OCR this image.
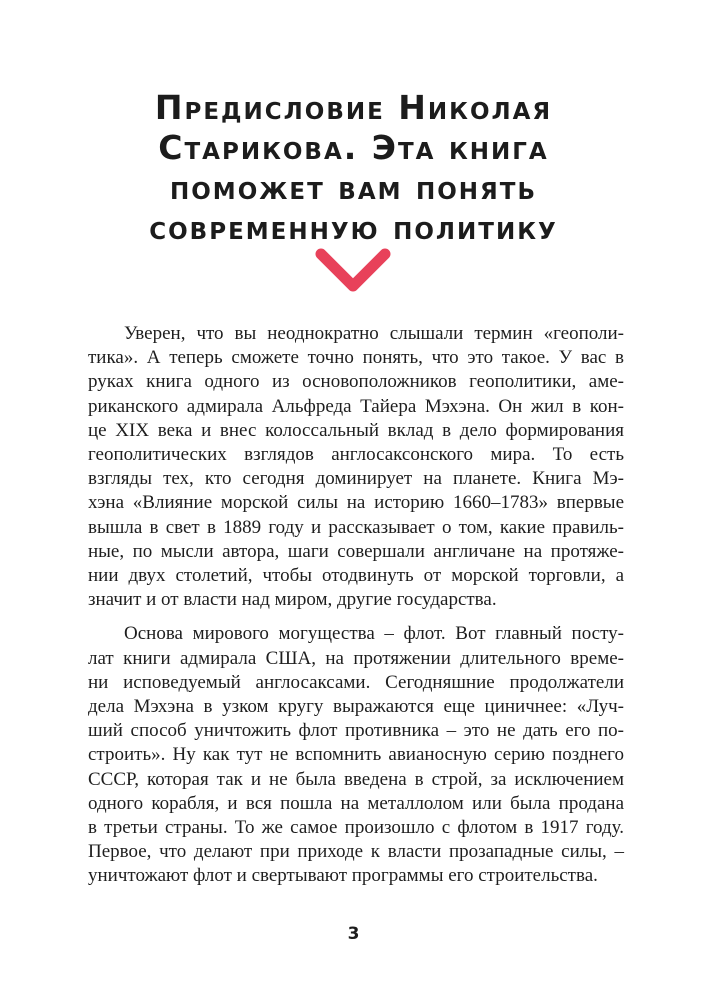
Предисловие Николая
Старикова. Эта книга
поможет вам понять
современную политику

Уверен, что вы неоднократно слышали термин «геополи-
тика». А теперь сможете точно понять, что это такое. У вас в
руках книга одного из основоположников геополитики, аме-
риканского адмирала Альфреда Тайера Мэхэна. Он жил в кон-
це XIX века и внес колоссальный вклад в дело формирования
геополитических взглядов англосаксонского мира. То есть
взгляды тех, кто сегодня доминирует на планете. Книга Мэ-
хэна «Влияние морской силы на историю 1660–1783» впервые
вышла в свет в 1889 году и рассказывает о том, какие правиль-
ные, по мысли автора, шаги совершали англичане на протяже-
нии двух столетий, чтобы отодвинуть от морской торговли, а
значит и от власти над миром, другие государства.

Основа мирового могущества – флот. Вот главный посту-
лат книги адмирала США, на протяжении длительного време-
ни исповедуемый англосаксами. Сегодняшние продолжатели
дела Мэхэна в узком кругу выражаются еще циничнее: «Луч-
ший способ уничтожить флот противника – это не дать его по-
строить». Ну как тут не вспомнить авианосную серию позднего
СССР, которая так и не была введена в строй, за исключением
одного корабля, и вся пошла на металлолом или была продана
в третьи страны. То же самое произошло с флотом в 1917 году.
Первое, что делают при приходе к власти прозападные силы, –
уничтожают флот и свертывают программы его строительства.

3
